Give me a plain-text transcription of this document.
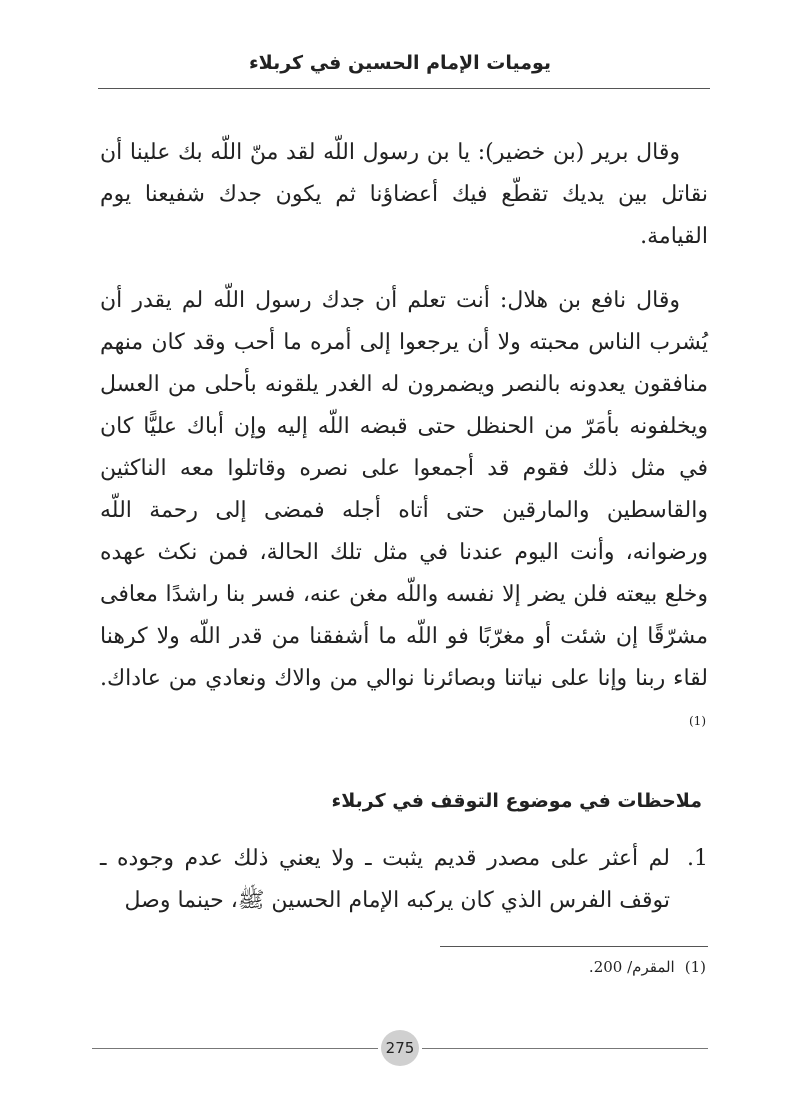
يوميات الإمام الحسين في كربلاء

وقال برير (بن خضير): يا بن رسول اللّه لقد منّ اللّه بك علينا أن نقاتل بين يديك تقطّع فيك أعضاؤنا ثم يكون جدك شفيعنا يوم القيامة.

وقال نافع بن هلال: أنت تعلم أن جدك رسول اللّه لم يقدر أن يُشرب الناس محبته ولا أن يرجعوا إلى أمره ما أحب وقد كان منهم منافقون يعدونه بالنصر ويضمرون له الغدر يلقونه بأحلى من العسل ويخلفونه بأمَرّ من الحنظل حتى قبضه اللّه إليه وإن أباك عليًّا كان في مثل ذلك فقوم قد أجمعوا على نصره وقاتلوا معه الناكثين والقاسطين والمارقين حتى أتاه أجله فمضى إلى رحمة اللّه ورضوانه، وأنت اليوم عندنا في مثل تلك الحالة، فمن نكث عهده وخلع بيعته فلن يضر إلا نفسه واللّه مغن عنه، فسر بنا راشدًا معافى مشرّقًا إن شئت أو مغرّبًا فو اللّه ما أشفقنا من قدر اللّه ولا كرهنا لقاء ربنا وإنا على نياتنا وبصائرنا نوالي من والاك ونعادي من عاداك.$^{(1)}$

ملاحظات في موضوع التوقف في كربلاء
1.
لم أعثر على مصدر قديم يثبت ـ ولا يعني ذلك عدم وجوده ـ توقف الفرس الذي كان يركبه الإمام الحسين ﷺ، حينما وصل
(1)المقرم/ 200.
275
